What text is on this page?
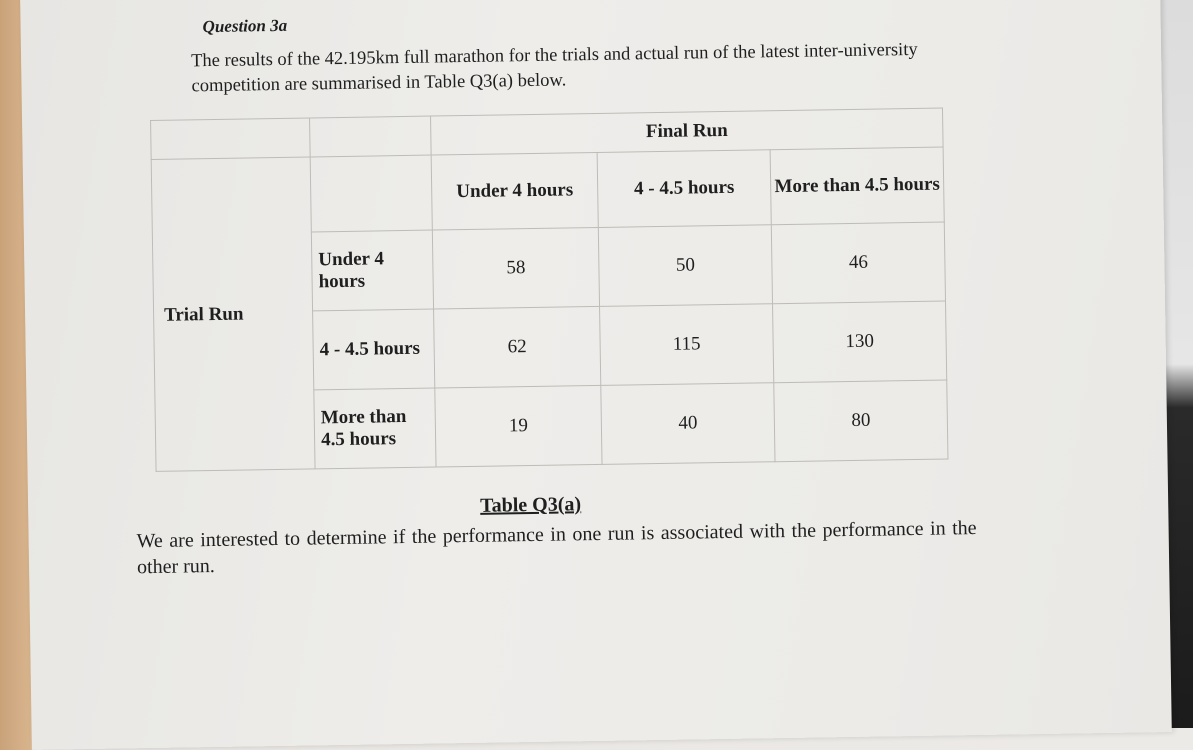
Question 3a
The results of the 42.195km full marathon for the trials and actual run of the latest inter-university competition are summarised in Table Q3(a) below.
		Final Run		
Trial Run		Under 4 hours	4 - 4.5 hours	More than 4.5 hours
	Under 4 hours	58	50	46
	4 - 4.5 hours	62	115	130
	More than 4.5 hours	19	40	80
Table Q3(a)
We are interested to determine if the performance in one run is associated with the performance in the other run.
